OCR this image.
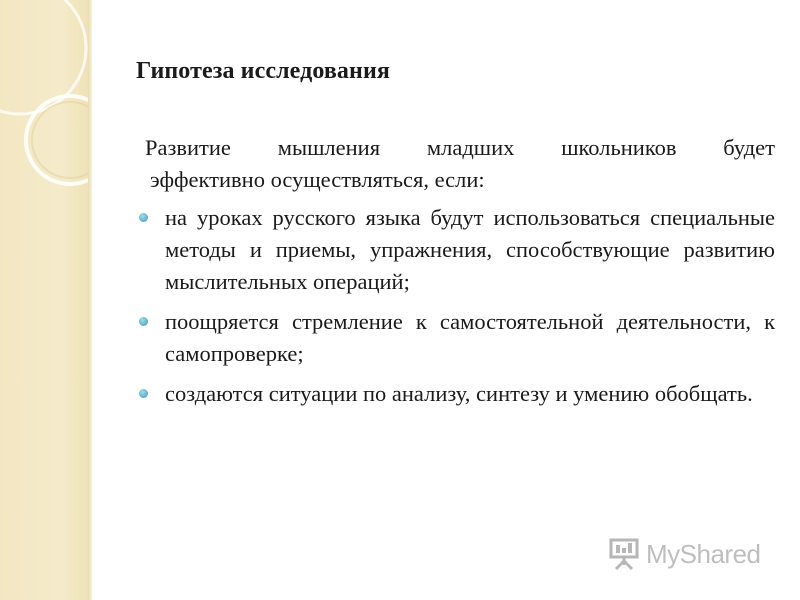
Гипотеза исследования
Развитие мышления младших школьников будет
эффективно осуществляться, если:
на уроках русского языка будут использоваться специальные методы и приемы, упражнения, способствующие развитию мыслительных операций;
поощряется стремление к самостоятельной деятельности, к самопроверке;
создаются ситуации по анализу, синтезу и умению обобщать.
MyShared
